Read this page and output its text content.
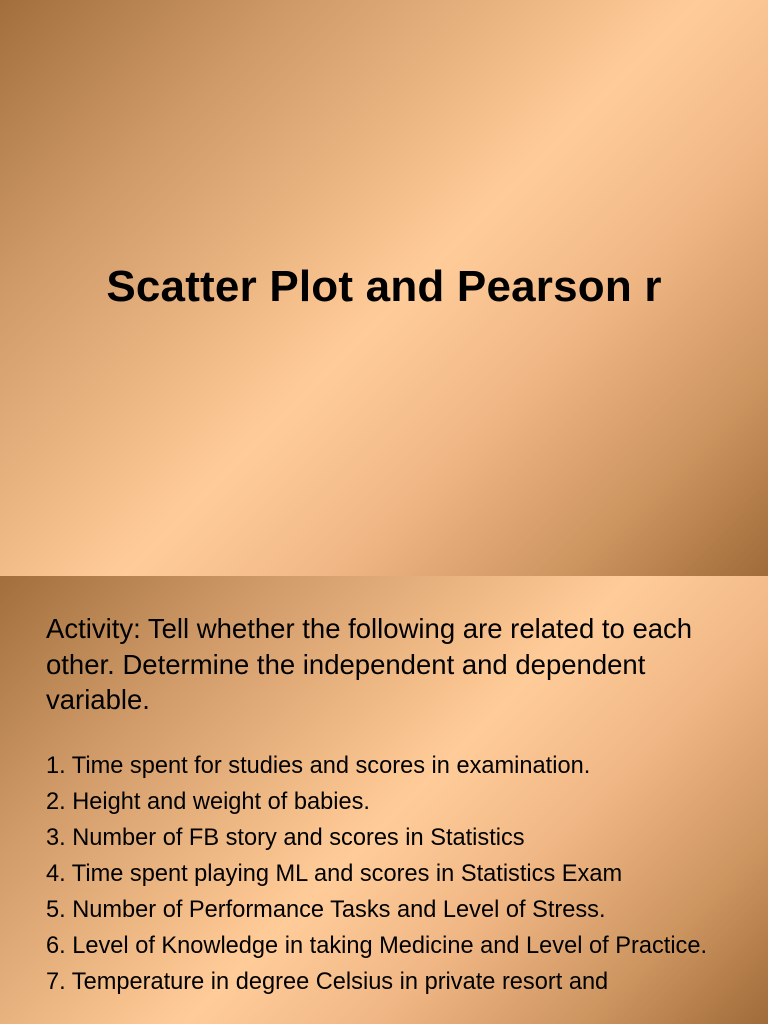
Scatter Plot and Pearson r

Activity: Tell whether the following are related to each other. Determine the independent and dependent variable.

1. Time spent for studies and scores in examination.
2. Height and weight of babies.
3. Number of FB story and scores in Statistics
4. Time spent playing ML and scores in Statistics Exam
5. Number of Performance Tasks and Level of Stress.
6. Level of Knowledge in taking Medicine and Level of Practice.
7. Temperature in degree Celsius in private resort and
